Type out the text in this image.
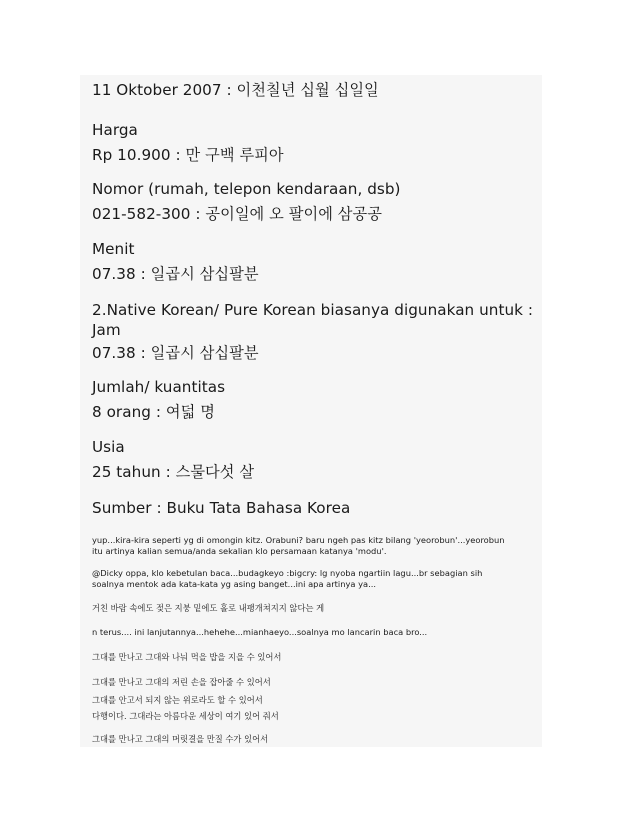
11 Oktober 2007 : 이천칠년 십월 십일일

Harga

Rp 10.900 : 만 구백 루피아

Nomor (rumah, telepon kendaraan, dsb)

021-582-300 : 공이일에 오 팔이에 삼공공

Menit

07.38 : 일곱시 삼십팔분

2.Native Korean/ Pure Korean biasanya digunakan untuk : Jam

07.38 : 일곱시 삼십팔분

Jumlah/ kuantitas

8 orang : 여덟 명

Usia

25 tahun : 스물다섯 살

Sumber : Buku Tata Bahasa Korea

yup...kira-kira seperti yg di omongin kitz. Orabuni? baru ngeh pas kitz bilang 'yeorobun'...yeorobun

itu artinya kalian semua/anda sekalian klo persamaan katanya 'modu'.

@Dicky oppa, klo kebetulan baca...budagkeyo :bigcry: lg nyoba ngartiin lagu...br sebagian sih

soalnya mentok ada kata-kata yg asing banget...ini apa artinya ya...

거친 바람 속에도 젖은 지붕 밑에도 홀로 내팽개쳐지지 않다는 게

n terus.... ini lanjutannya...hehehe...mianhaeyo...soalnya mo lancarin baca bro...

그대를 만나고 그대와 나눠 먹을 밥을 지을 수 있어서

그대를 만나고 그대의 저린 손을 잡아줄 수 있어서

그대를 안고서 되지 않는 위로라도 할 수 있어서

다행이다. 그대라는 아름다운 세상이 여기 있어 줘서

그대를 만나고 그대의 머릿결을 만질 수가 있어서
